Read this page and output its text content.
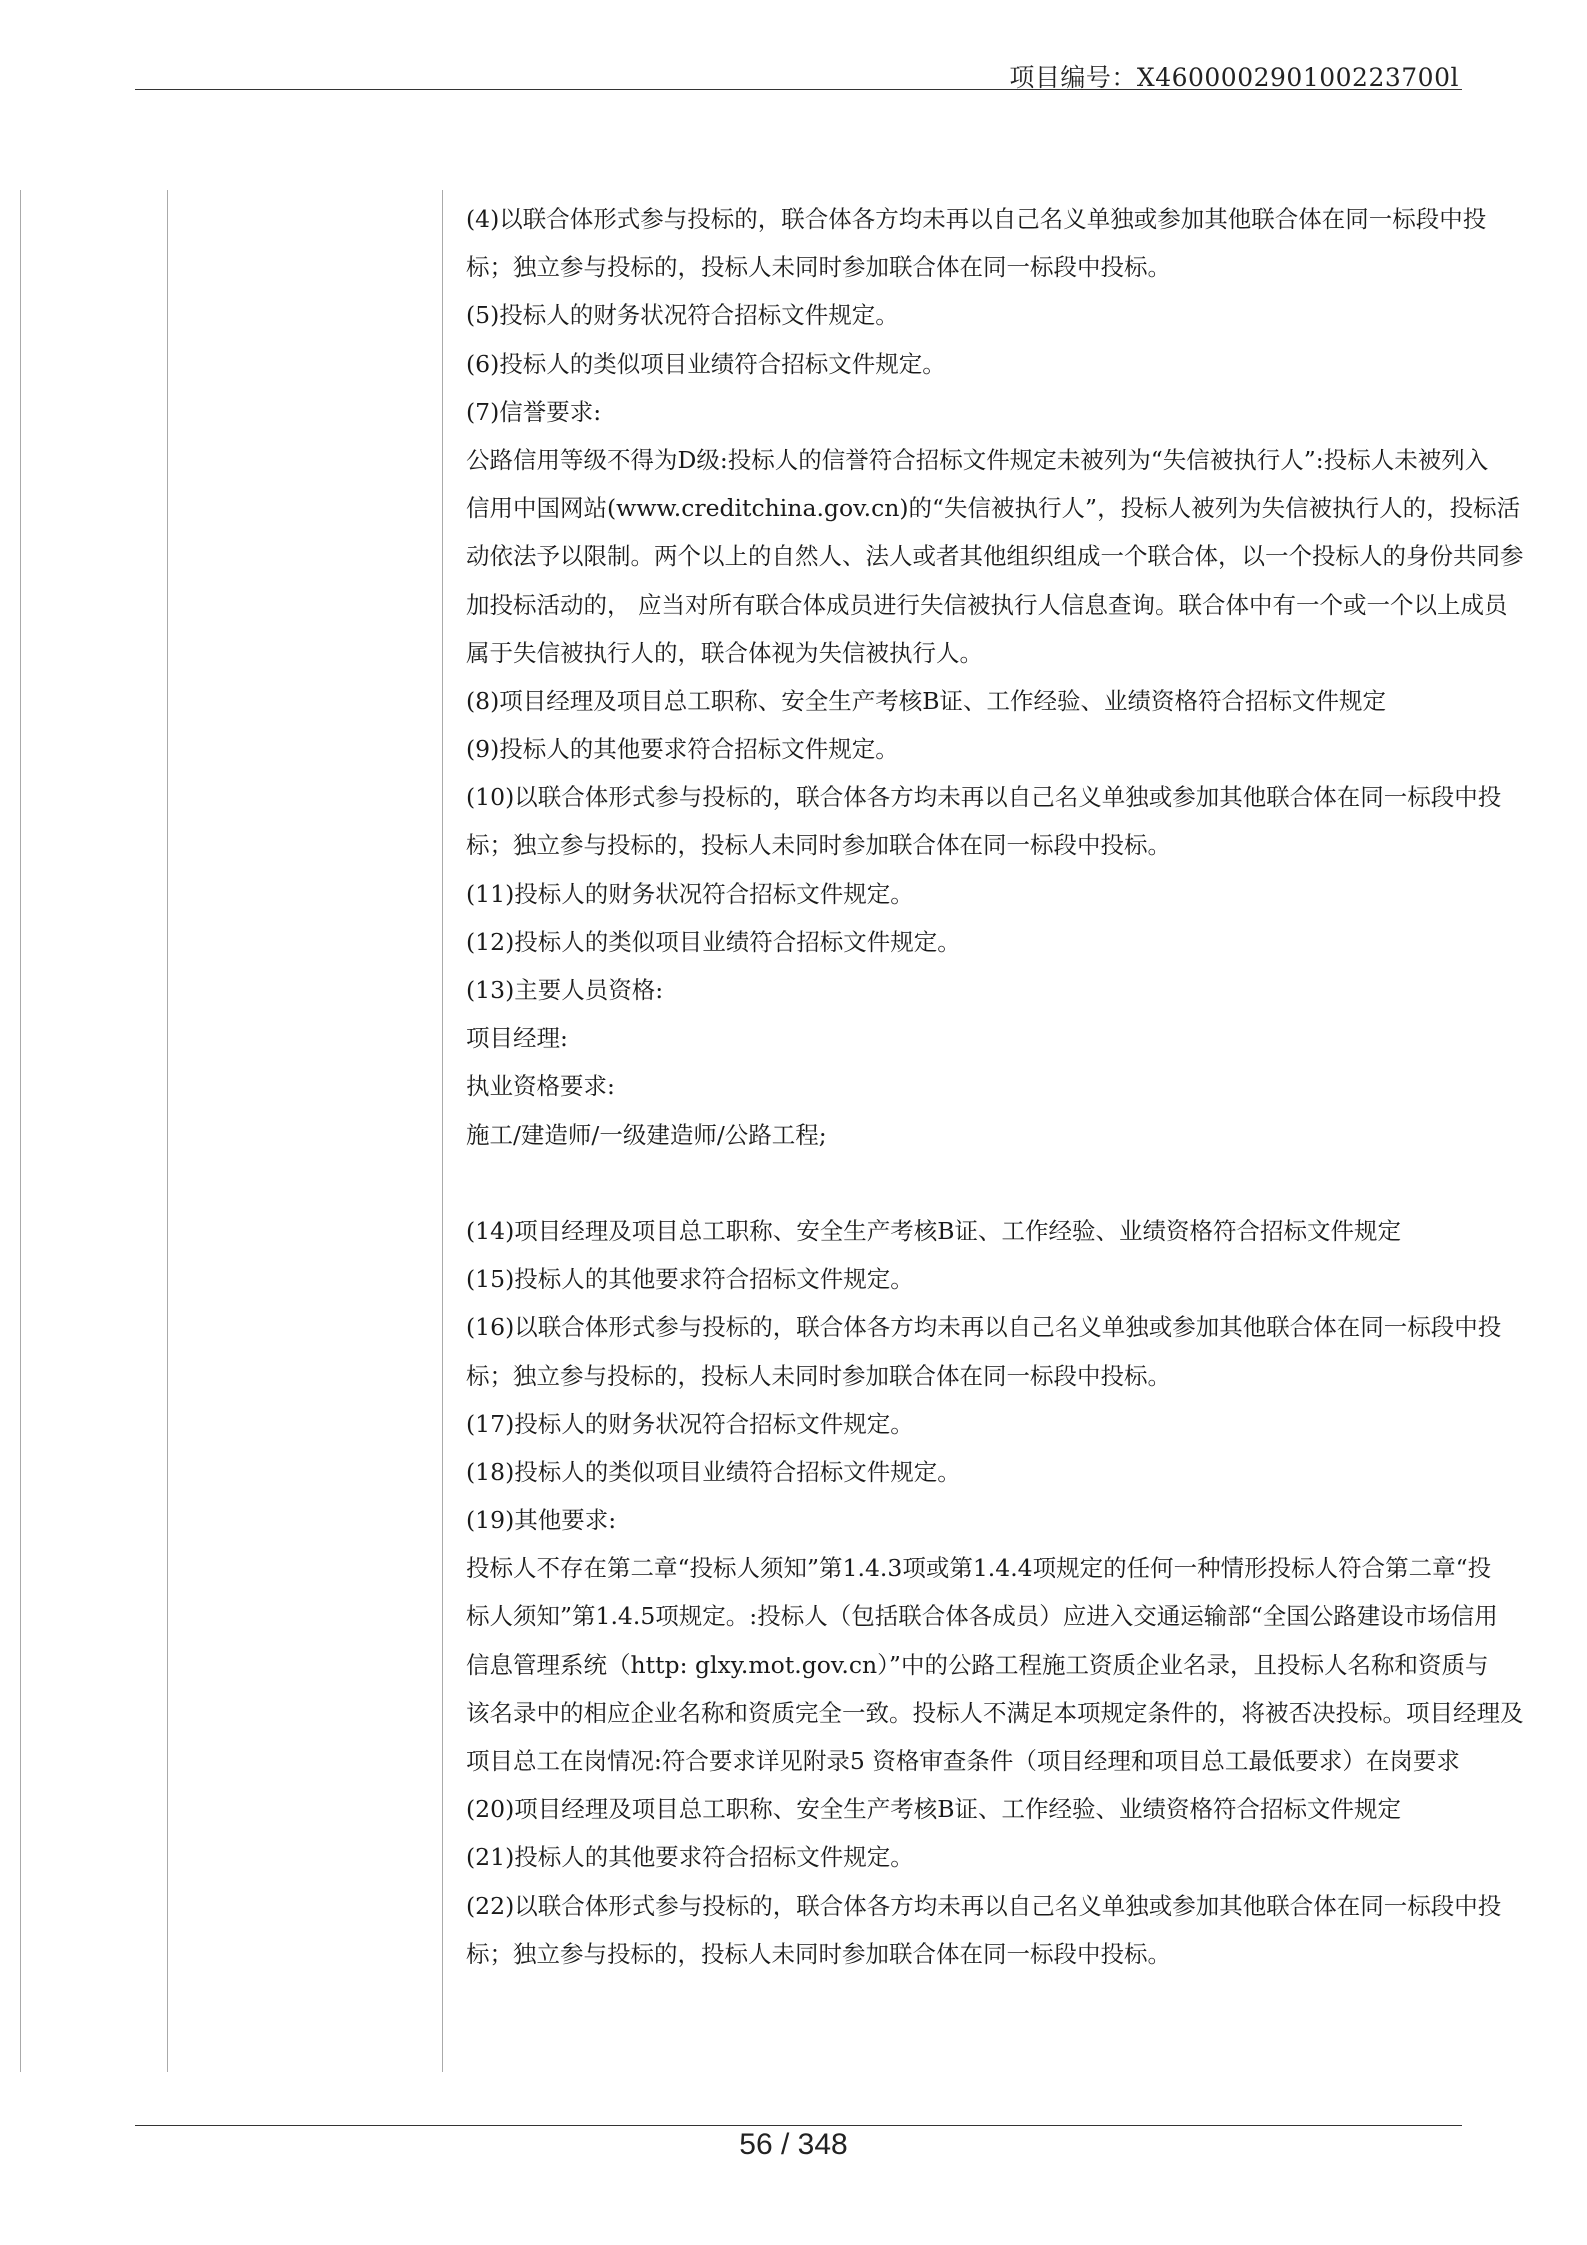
项目编号：X460000290100223700l
(4)以联合体形式参与投标的，联合体各方均未再以自己名义单独或参加其他联合体在同一标段中投
标；独立参与投标的，投标人未同时参加联合体在同一标段中投标。
(5)投标人的财务状况符合招标文件规定。
(6)投标人的类似项目业绩符合招标文件规定。
(7)信誉要求:
公路信用等级不得为D级:投标人的信誉符合招标文件规定未被列为“失信被执行人”:投标人未被列入
信用中国网站(www.creditchina.gov.cn)的“失信被执行人”，投标人被列为失信被执行人的，投标活
动依法予以限制。两个以上的自然人、法人或者其他组织组成一个联合体，以一个投标人的身份共同参
加投标活动的， 应当对所有联合体成员进行失信被执行人信息查询。联合体中有一个或一个以上成员
属于失信被执行人的，联合体视为失信被执行人。
(8)项目经理及项目总工职称、安全生产考核B证、工作经验、业绩资格符合招标文件规定
(9)投标人的其他要求符合招标文件规定。
(10)以联合体形式参与投标的，联合体各方均未再以自己名义单独或参加其他联合体在同一标段中投
标；独立参与投标的，投标人未同时参加联合体在同一标段中投标。
(11)投标人的财务状况符合招标文件规定。
(12)投标人的类似项目业绩符合招标文件规定。
(13)主要人员资格:
项目经理:
执业资格要求:
施工/建造师/一级建造师/公路工程;
(14)项目经理及项目总工职称、安全生产考核B证、工作经验、业绩资格符合招标文件规定
(15)投标人的其他要求符合招标文件规定。
(16)以联合体形式参与投标的，联合体各方均未再以自己名义单独或参加其他联合体在同一标段中投
标；独立参与投标的，投标人未同时参加联合体在同一标段中投标。
(17)投标人的财务状况符合招标文件规定。
(18)投标人的类似项目业绩符合招标文件规定。
(19)其他要求:
投标人不存在第二章“投标人须知”第1.4.3项或第1.4.4项规定的任何一种情形投标人符合第二章“投
标人须知”第1.4.5项规定。:投标人（包括联合体各成员）应进入交通运输部“全国公路建设市场信用
信息管理系统（http: glxy.mot.gov.cn）”中的公路工程施工资质企业名录，且投标人名称和资质与
该名录中的相应企业名称和资质完全一致。投标人不满足本项规定条件的，将被否决投标。项目经理及
项目总工在岗情况:符合要求详见附录5 资格审查条件（项目经理和项目总工最低要求）在岗要求
(20)项目经理及项目总工职称、安全生产考核B证、工作经验、业绩资格符合招标文件规定
(21)投标人的其他要求符合招标文件规定。
(22)以联合体形式参与投标的，联合体各方均未再以自己名义单独或参加其他联合体在同一标段中投
标；独立参与投标的，投标人未同时参加联合体在同一标段中投标。
56 / 348
